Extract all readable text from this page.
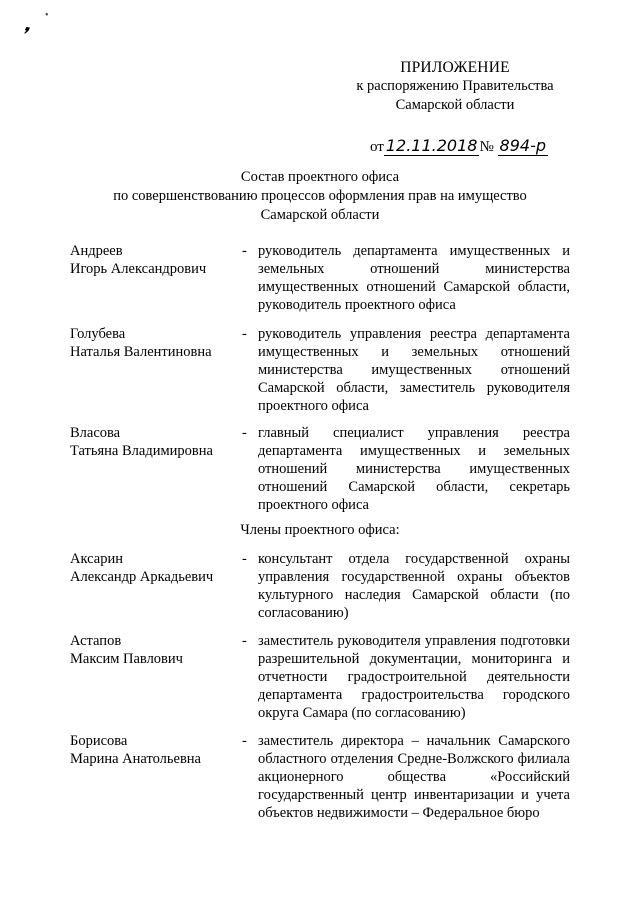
•
❜
ПРИЛОЖЕНИЕ
к распоряжению Правительства
Самарской области
от 12.11.2018 № 894-р
Состав проектного офиса
по совершенствованию процессов оформления прав на имущество
Самарской области
Андреев
Игорь Александрович
- руководитель департамента имущественных и земельных отношений министерства имущественных отношений Самарской области, руководитель проектного офиса
Голубева
Наталья Валентиновна
- руководитель управления реестра департамента имущественных и земельных отношений министерства имущественных отношений Самарской области, заместитель руководителя проектного офиса
Власова
Татьяна Владимировна
- главный специалист управления реестра департамента имущественных и земельных отношений министерства имущественных отношений Самарской области, секретарь проектного офиса
Члены проектного офиса:
Аксарин
Александр Аркадьевич
- консультант отдела государственной охраны управления государственной охраны объектов культурного наследия Самарской области (по согласованию)
Астапов
Максим Павлович
- заместитель руководителя управления подготовки разрешительной документации, мониторинга и отчетности градостроительной деятельности департамента градостроительства городского округа Самара (по согласованию)
Борисова
Марина Анатольевна
- заместитель директора – начальник Самарского областного отделения Средне-Волжского филиала акционерного общества «Российский государственный центр инвентаризации и учета объектов недвижимости – Федеральное бюро
